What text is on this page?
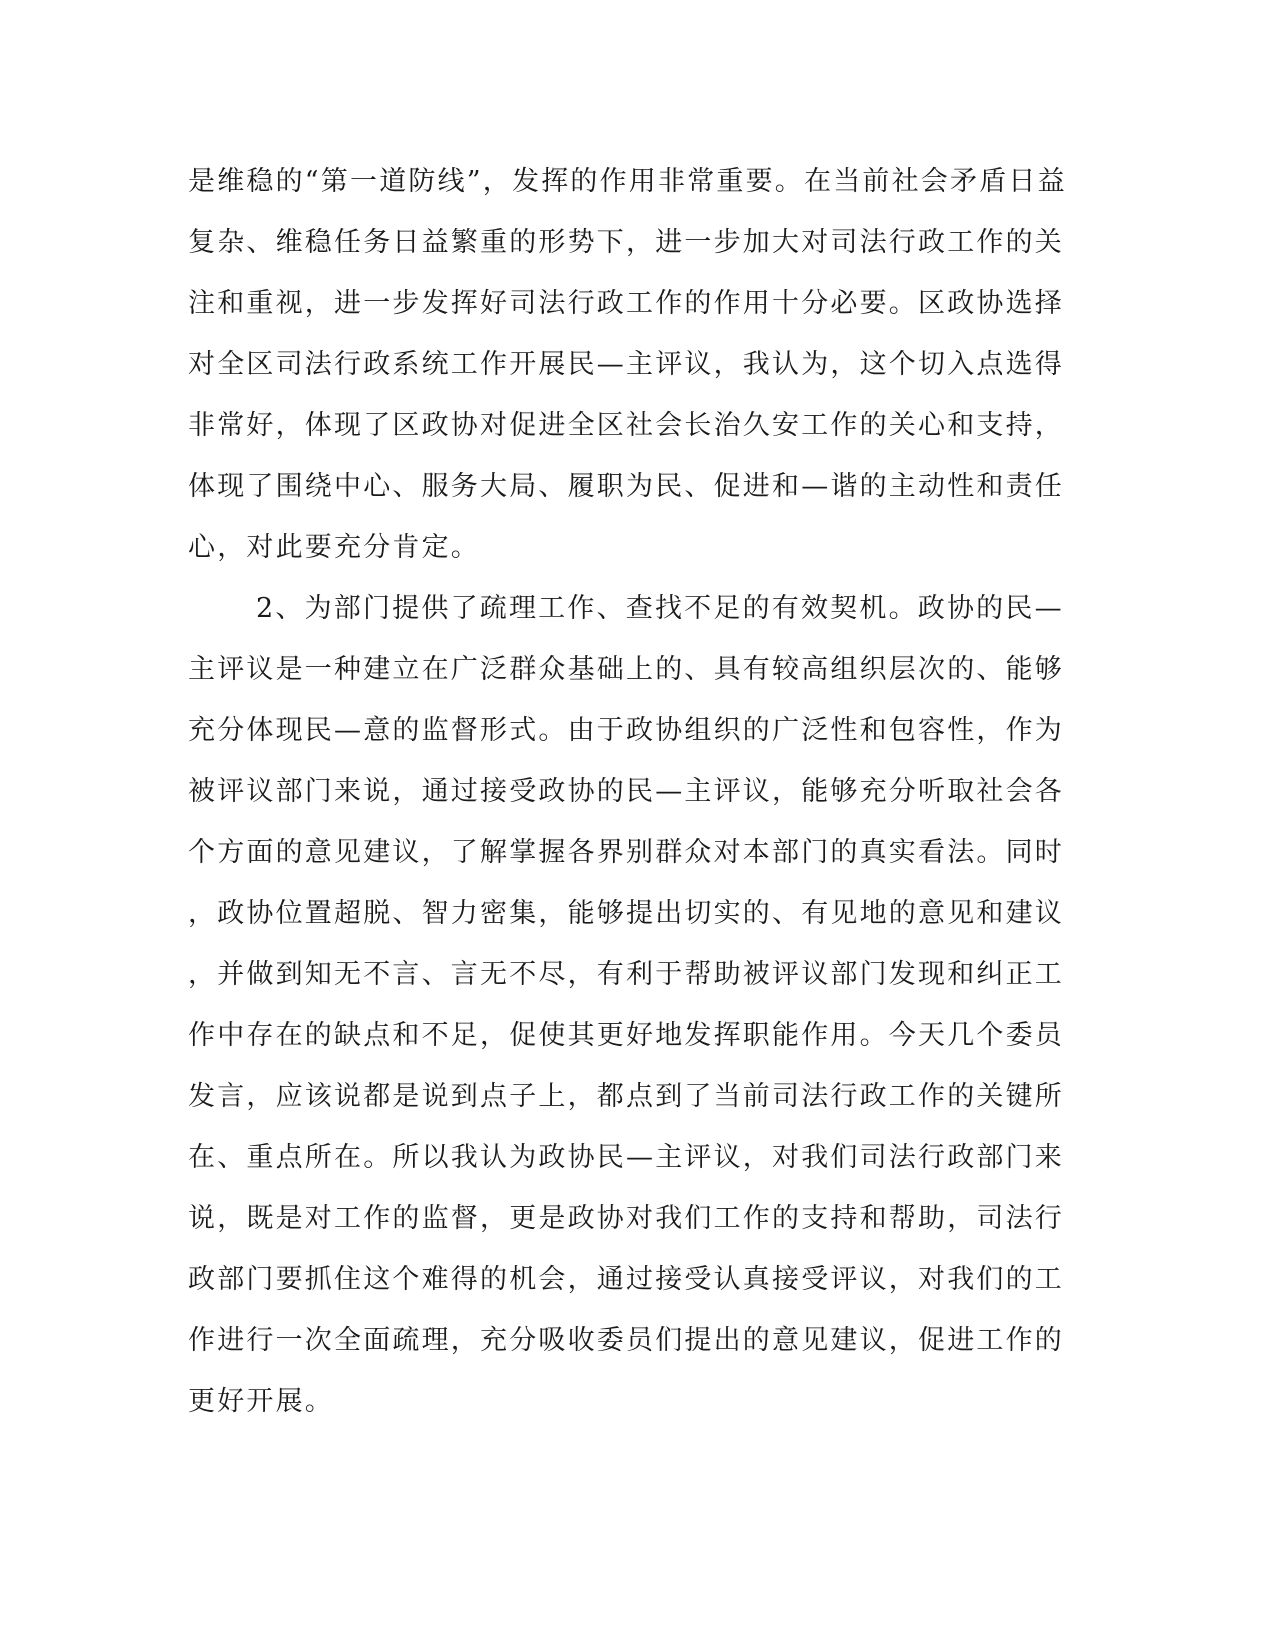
是维稳的“第一道防线”，发挥的作用非常重要。在当前社会矛盾日益
复杂、维稳任务日益繁重的形势下，进一步加大对司法行政工作的关
注和重视，进一步发挥好司法行政工作的作用十分必要。区政协选择
对全区司法行政系统工作开展民—主评议，我认为，这个切入点选得
非常好，体现了区政协对促进全区社会长治久安工作的关心和支持，
体现了围绕中心、服务大局、履职为民、促进和—谐的主动性和责任
心，对此要充分肯定。
2、为部门提供了疏理工作、查找不足的有效契机。政协的民—
主评议是一种建立在广泛群众基础上的、具有较高组织层次的、能够
充分体现民—意的监督形式。由于政协组织的广泛性和包容性，作为
被评议部门来说，通过接受政协的民—主评议，能够充分听取社会各
个方面的意见建议，了解掌握各界别群众对本部门的真实看法。同时
，政协位置超脱、智力密集，能够提出切实的、有见地的意见和建议
，并做到知无不言、言无不尽，有利于帮助被评议部门发现和纠正工
作中存在的缺点和不足，促使其更好地发挥职能作用。今天几个委员
发言，应该说都是说到点子上，都点到了当前司法行政工作的关键所
在、重点所在。所以我认为政协民—主评议，对我们司法行政部门来
说，既是对工作的监督，更是政协对我们工作的支持和帮助，司法行
政部门要抓住这个难得的机会，通过接受认真接受评议，对我们的工
作进行一次全面疏理，充分吸收委员们提出的意见建议，促进工作的
更好开展。
